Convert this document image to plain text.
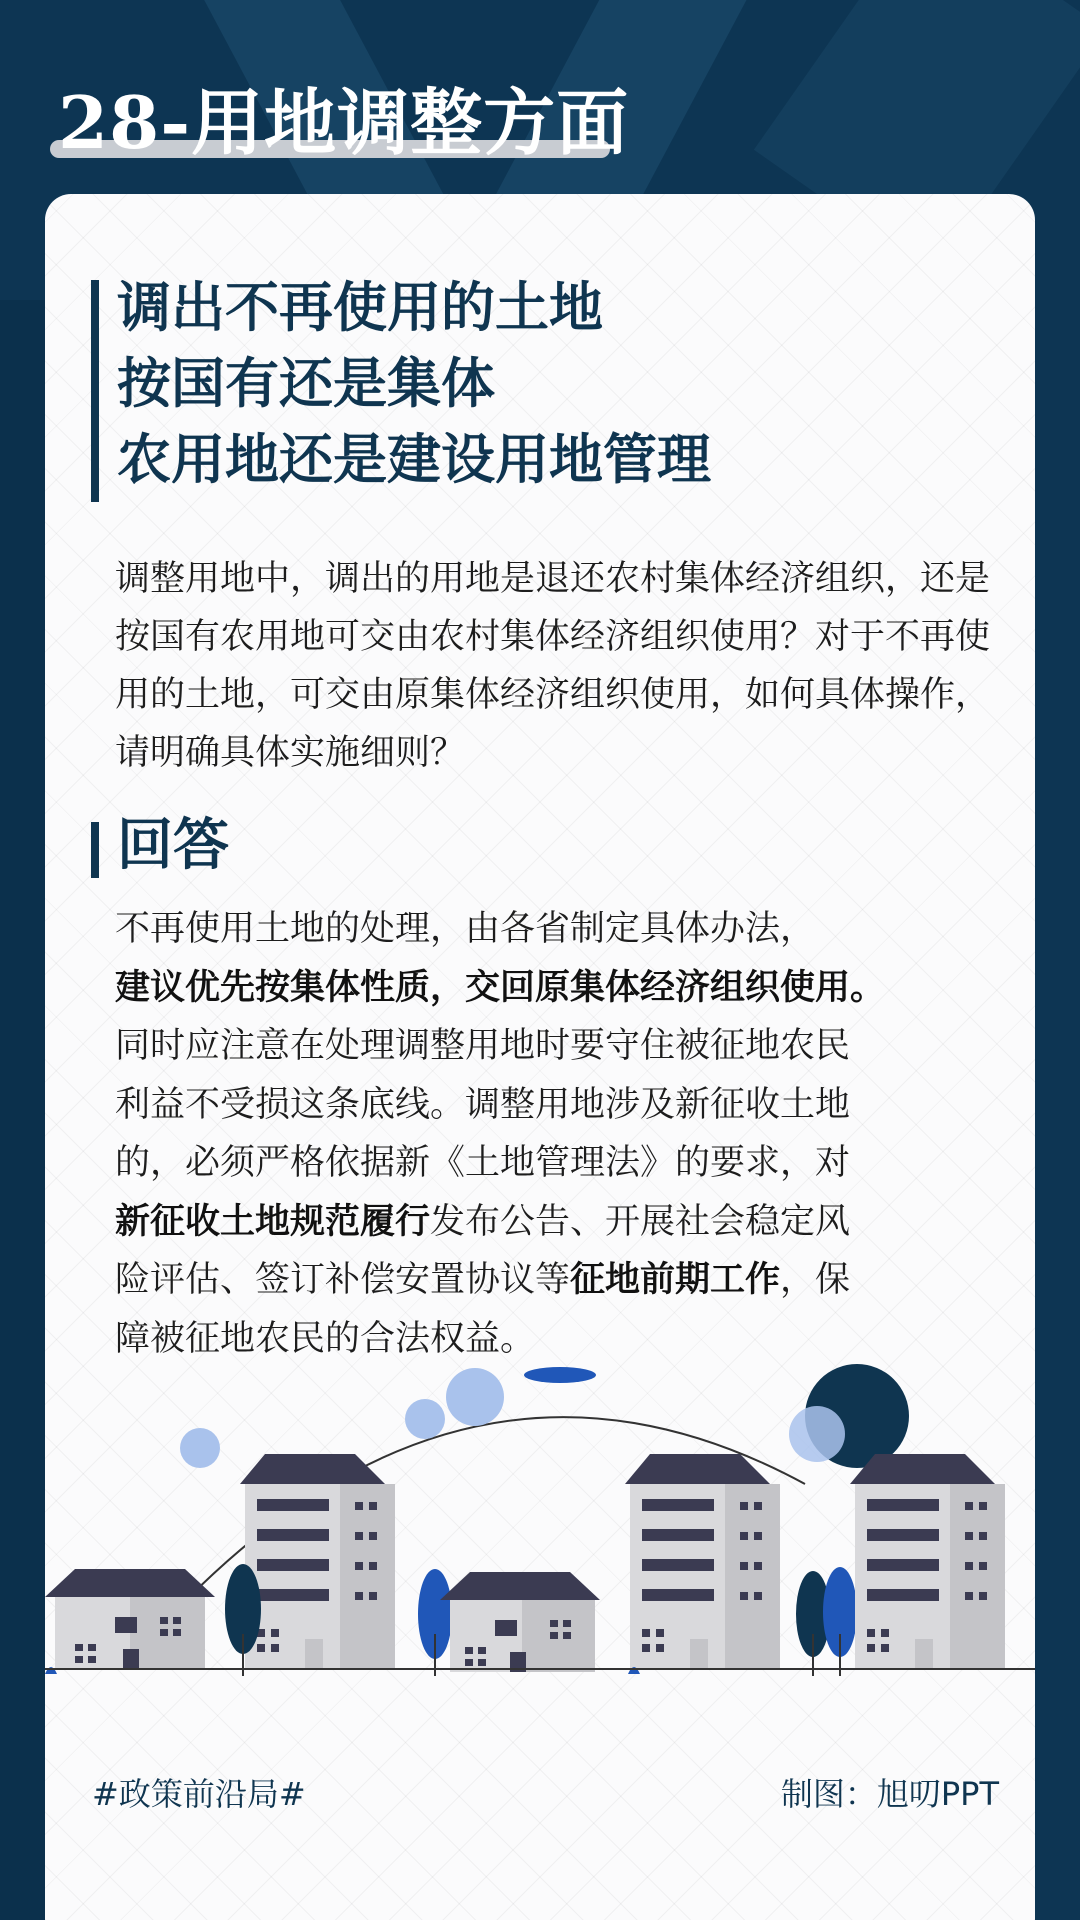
28-用地调整方面
调出不再使用的土地
按国有还是集体
农用地还是建设用地管理

调整用地中，调出的用地是退还农村集体经济组织，还是按国有农用地可交由农村集体经济组织使用？对于不再使用的土地，可交由原集体经济组织使用，如何具体操作，请明确具体实施细则？

回答
不再使用土地的处理，由各省制定具体办法，
建议优先按集体性质，交回原集体经济组织使用。
同时应注意在处理调整用地时要守住被征地农民
利益不受损这条底线。调整用地涉及新征收土地
的，必须严格依据新《土地管理法》的要求，对
新征收土地规范履行发布公告、开展社会稳定风
险评估、签订补偿安置协议等征地前期工作，保
障被征地农民的合法权益。
#政策前沿局#	制图：旭叨PPT
